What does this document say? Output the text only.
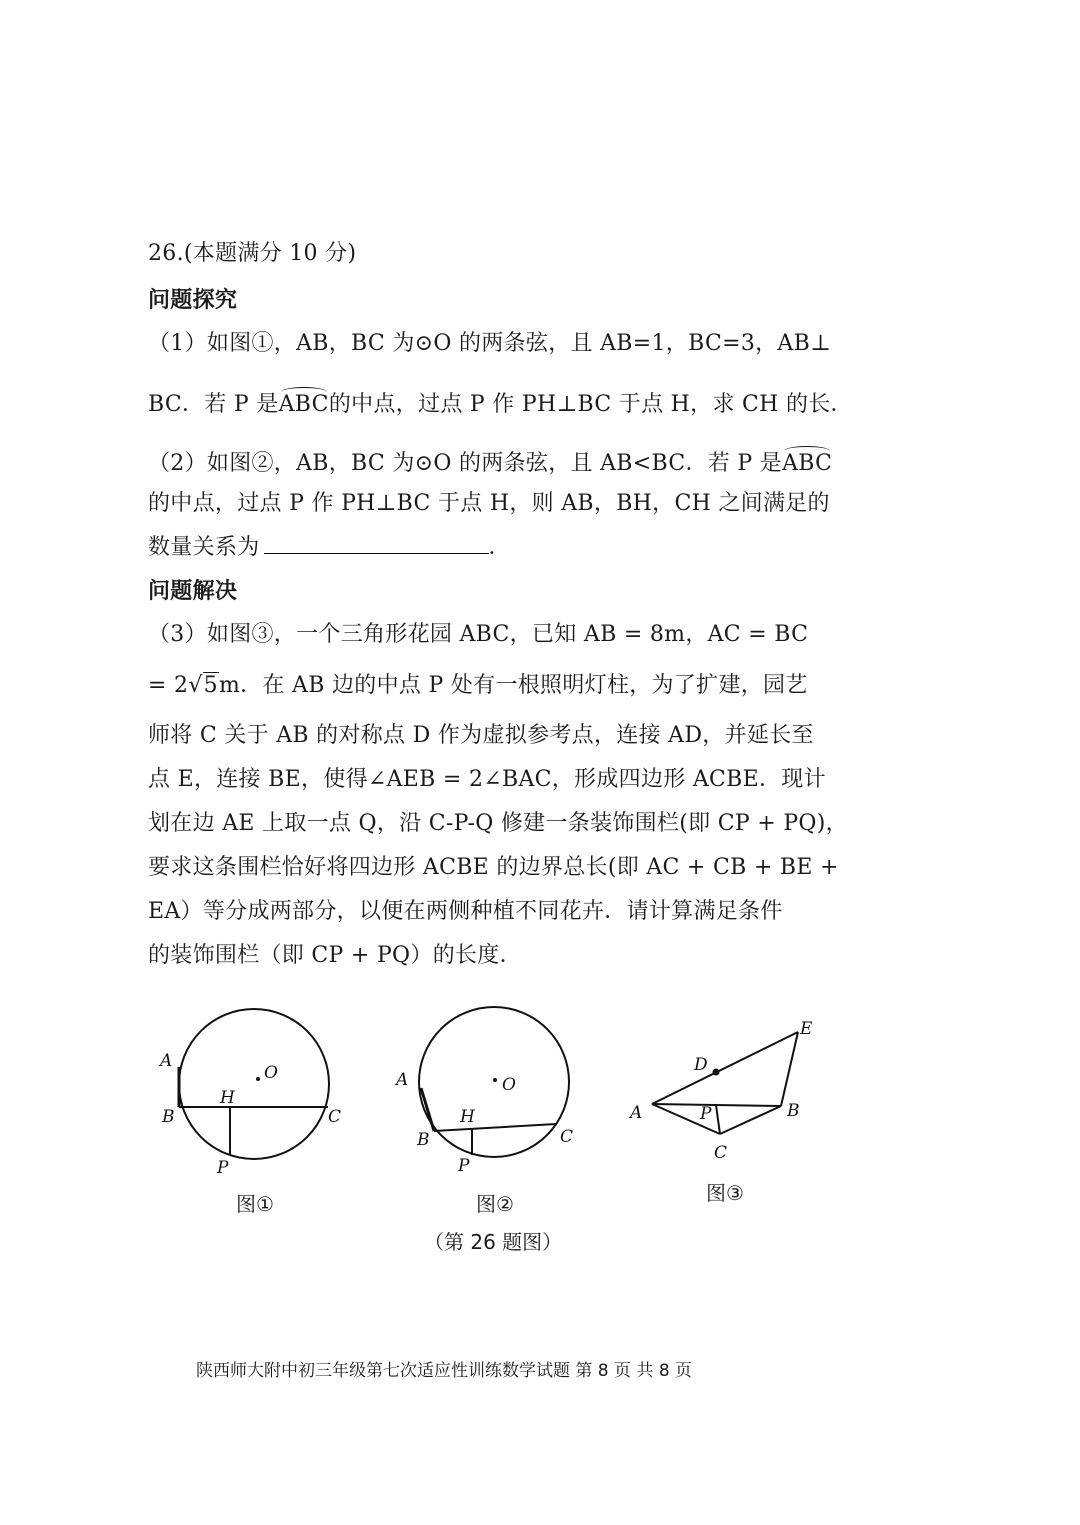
26.(本题满分 10 分)
问题探究
（1）如图①，AB，BC 为⊙O 的两条弦，且 AB=1，BC=3，AB⊥
BC．若 P 是ABC的中点，过点 P 作 PH⊥BC 于点 H，求 CH 的长．
（2）如图②，AB，BC 为⊙O 的两条弦，且 AB<BC．若 P 是ABC
的中点，过点 P 作 PH⊥BC 于点 H，则 AB，BH，CH 之间满足的
数量关系为	．
问题解决
（3）如图③，一个三角形花园 ABC，已知 AB = 8m，AC = BC
= 2√5m．在 AB 边的中点 P 处有一根照明灯柱，为了扩建，园艺
师将 C 关于 AB 的对称点 D 作为虚拟参考点，连接 AD，并延长至
点 E，连接 BE，使得∠AEB = 2∠BAC，形成四边形 ACBE．现计
划在边 AE 上取一点 Q，沿 C-P-Q 修建一条装饰围栏(即 CP + PQ)，
要求这条围栏恰好将四边形 ACBE 的边界总长(即 AC + CB + BE +
EA）等分成两部分，以便在两侧种植不同花卉．请计算满足条件
的装饰围栏（即 CP + PQ）的长度．
A
O
H
B	C
P
图①
A	O
H
B	C
P
图②
E
D
A	P	B
C
图③
（第 26 题图）
陕西师大附中初三年级第七次适应性训练数学试题 第 8 页 共 8 页
